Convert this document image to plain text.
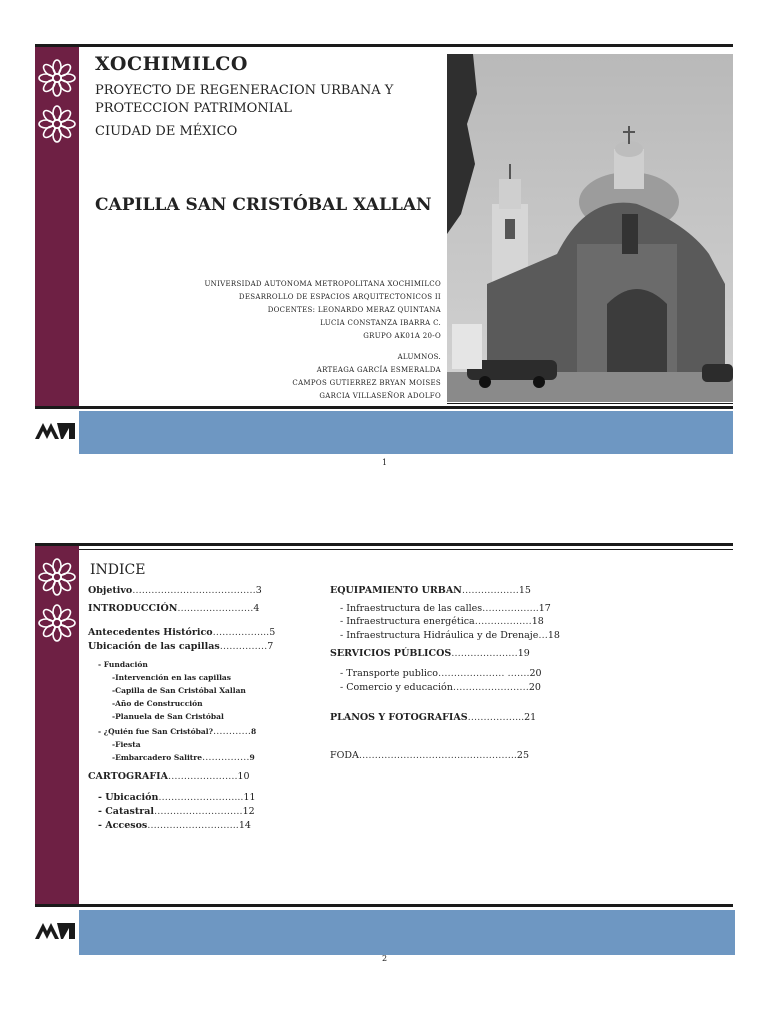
XOCHIMILCO
PROYECTO DE REGENERACION URBANA Y
PROTECCION PATRIMONIAL
CIUDAD DE MÉXICO
CAPILLA SAN CRISTÓBAL XALLAN
UNIVERSIDAD AUTONOMA METROPOLITANA XOCHIMILCO
DESARROLLO DE ESPACIOS ARQUITECTONICOS II
DOCENTES: LEONARDO MERAZ QUINTANA
LUCIA CONSTANZA IBARRA C.
GRUPO AK01A 20-O
ALUMNOS.
ARTEAGA GARCÍA ESMERALDA
CAMPOS GUTIERREZ BRYAN MOISES
GARCIA VILLASEÑOR ADOLFO
1
INDICE
Objetivo…………………………………3
INTRODUCCIÓN……………………4
Antecedentes Histórico……………...5
Ubicación de las capillas……………7
- Fundación
-Intervención en las capillas
-Capilla de San Cristóbal Xallan
-Año de Construcción
-Planuela de San Cristóbal
- ¿Quién fue San Cristóbal?…………8
-Fiesta
-Embarcadero Salitre……………9
CARTOGRAFIA………………….10
- Ubicación……………………...11
- Catastral……………………….12
- Accesos………………………..14
EQUIPAMIENTO URBAN………………15
- Infraestructura de las calles……………...17
- Infraestructura energética………………18
- Infraestructura Hidráulica y de Drenaje…18
SERVICIOS PÚBLICOS…………………19
- Transporte publico………………… …….20
- Comercio y educación……………………20
PLANOS Y FOTOGRAFIAS……………...21
FODA…………………………………………..25
2
